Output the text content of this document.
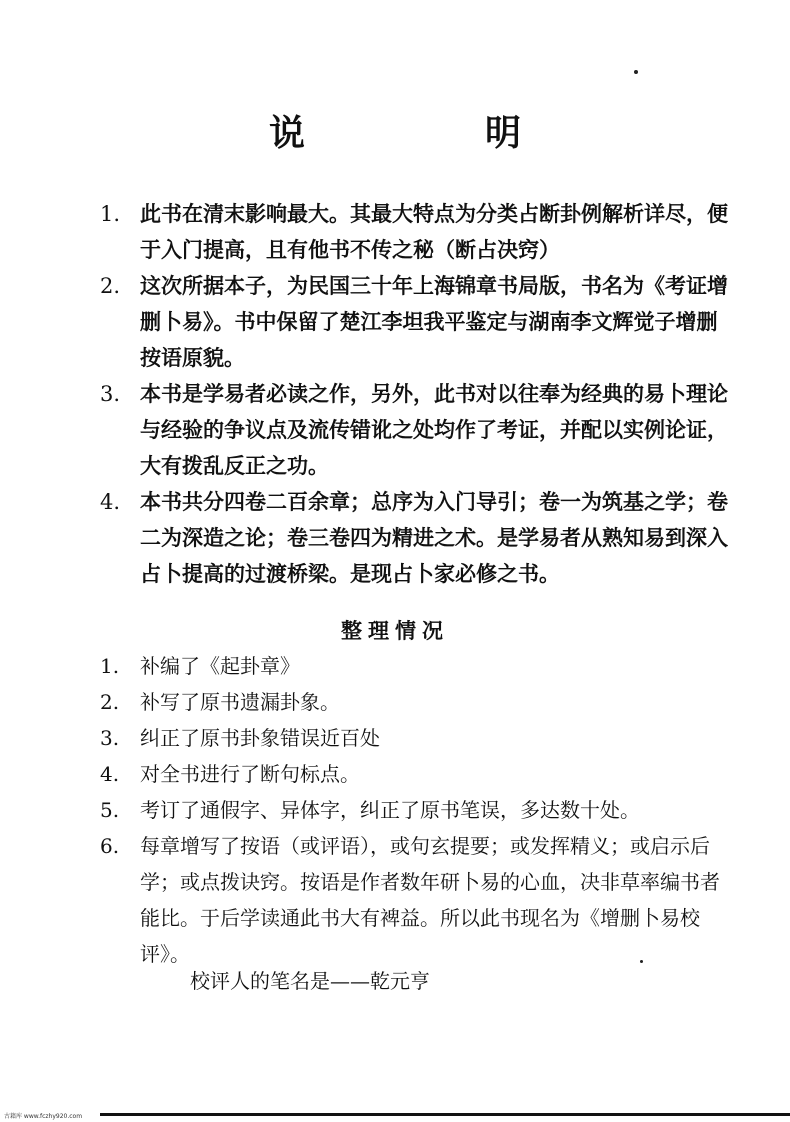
说　明
1. 此书在清末影响最大。其最大特点为分类占断卦例解析详尽，便于入门提高，且有他书不传之秘（断占决窍）
2. 这次所据本子，为民国三十年上海锦章书局版，书名为《考证增删卜易》。书中保留了楚江李坦我平鉴定与湖南李文辉觉子增删按语原貌。
3. 本书是学易者必读之作，另外，此书对以往奉为经典的易卜理论与经验的争议点及流传错讹之处均作了考证，并配以实例论证，大有拨乱反正之功。
4. 本书共分四卷二百余章；总序为入门导引；卷一为筑基之学；卷二为深造之论；卷三卷四为精进之术。是学易者从熟知易到深入占卜提高的过渡桥梁。是现占卜家必修之书。
整理情况
1.	补编了《起卦章》
2.	补写了原书遗漏卦象。
3.	纠正了原书卦象错误近百处
4.	对全书进行了断句标点。
5.	考订了通假字、异体字，纠正了原书笔误，多达数十处。
6.	每章增写了按语（或评语），或句玄提要；或发挥精义；或启示后学；或点拨诀窍。按语是作者数年研卜易的心血，决非草率编书者能比。于后学读通此书大有裨益。所以此书现名为《增删卜易校评》。
校评人的笔名是——乾元亨
古籍库 www.fczhy920.com
